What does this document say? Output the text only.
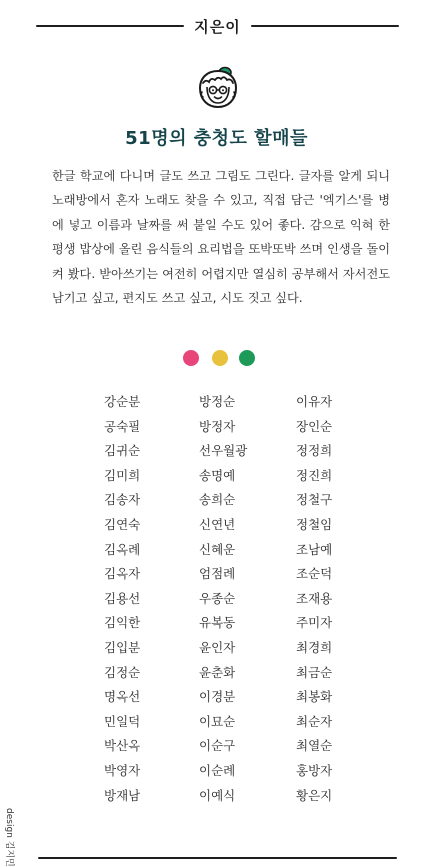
지은이
51명의 충청도 할매들
한글 학교에 다니며 글도 쓰고 그림도 그린다. 글자를 알게 되니 노래방에서 혼자 노래도 찾을 수 있고, 직접 담근 '엑기스'를 병에 넣고 이름과 날짜를 써 붙일 수도 있어 좋다. 감으로 익혀 한평생 밥상에 올린 음식들의 요리법을 또박또박 쓰며 인생을 돌이켜 봤다. 받아쓰기는 여전히 어렵지만 열심히 공부해서 자서전도 남기고 싶고, 편지도 쓰고 싶고, 시도 짓고 싶다.
강순분
공숙필
김귀순
김미희
김송자
김연숙
김옥례
김옥자
김용선
김익한
김입분
김정순
명옥선
민일덕
박산옥
박영자
방재남
방정순
방정자
선우월광
송명예
송희순
신연년
신혜운
엄점례
우종순
유복동
윤인자
윤춘화
이경분
이묘순
이순구
이순례
이예식
이유자
장인순
정정희
정진희
정철구
정철임
조남예
조순덕
조재용
주미자
최경희
최금순
최봉화
최순자
최열순
홍방자
황은지
design 김지민
